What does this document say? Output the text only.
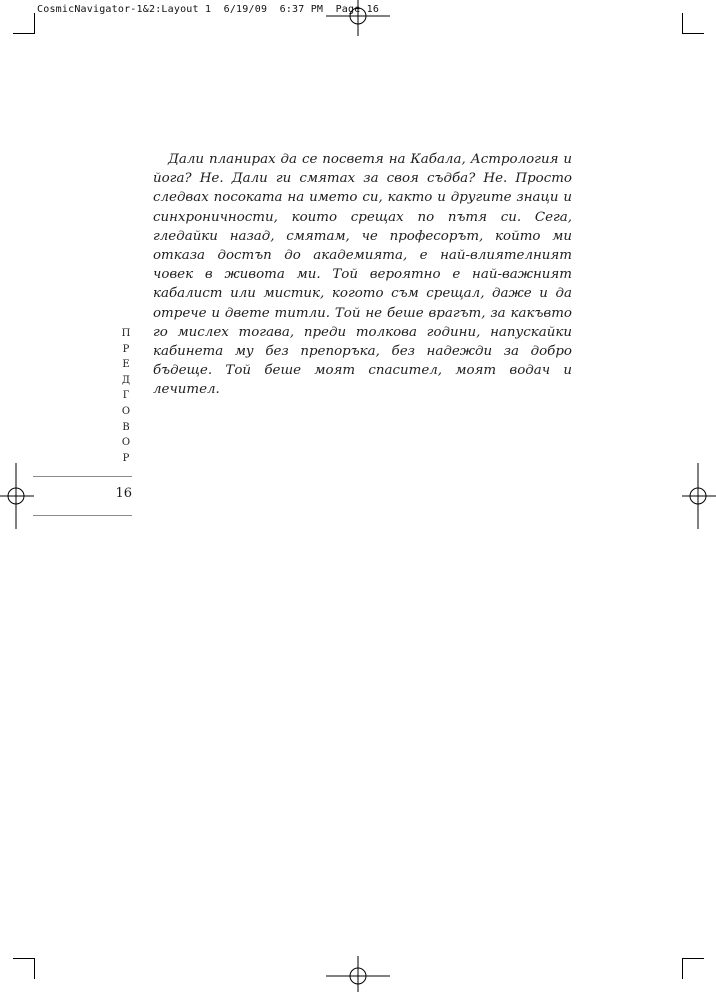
CosmicNavigator-1&2:Layout 1  6/19/09  6:37 PM  Page 16

Дали планирах да се посветя на Кабала, Астрология и йога? Не. Дали ги смятах за своя съдба? Не. Просто следвах посоката на името си, както и другите знаци и синхроничности, които срещах по пътя си. Сега, гледайки назад, смятам, че професорът, който ми отказа достъп до академията, е най-влиятелният човек в живота ми. Той вероятно е най-важният кабалист или мистик, когото съм срещал, даже и да отрече и двете титли. Той не беше врагът, за какъвто го мислех тогава, преди толкова години, напускайки кабинета му без препоръка, без надежди за добро бъдеще. Той беше моят спасител, моят водач и лечител.

П
Р
Е
Д
Г
О
В
О
Р
16
